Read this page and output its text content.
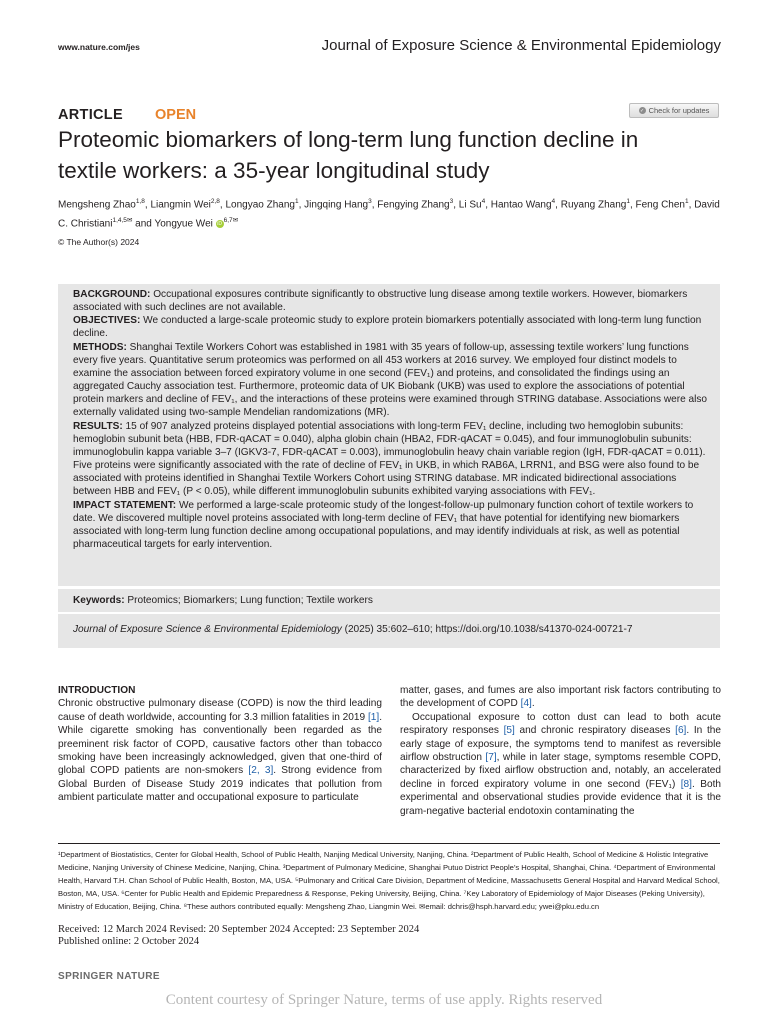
www.nature.com/jes	Journal of Exposure Science & Environmental Epidemiology
ARTICLE OPEN	✓ Check for updates
Proteomic biomarkers of long-term lung function decline in
textile workers: a 35-year longitudinal study
Mengsheng Zhao$^{1,8}$, Liangmin Wei$^{2,8}$, Longyao Zhang$^1$, Jingqing Hang$^3$, Fengying Zhang$^3$, Li Su$^4$, Hantao Wang$^4$, Ruyang Zhang$^1$, Feng Chen$^1$, David C. Christiani$^{1,4,5✉}$ and Yongyue Wei iD $^{6,7✉}$
© The Author(s) 2024

BACKGROUND: Occupational exposures contribute significantly to obstructive lung disease among textile workers. However, biomarkers associated with such declines are not available.

OBJECTIVES: We conducted a large-scale proteomic study to explore protein biomarkers potentially associated with long-term lung function decline.

METHODS: Shanghai Textile Workers Cohort was established in 1981 with 35 years of follow-up, assessing textile workers’ lung functions every five years. Quantitative serum proteomics was performed on all 453 workers at 2016 survey. We employed four distinct models to examine the association between forced expiratory volume in one second (FEV₁) and proteins, and consolidated the findings using an aggregated Cauchy association test. Furthermore, proteomic data of UK Biobank (UKB) was used to explore the associations of potential protein markers and decline of FEV₁, and the interactions of these proteins were examined through STRING database. Associations were also externally validated using two-sample Mendelian randomizations (MR).

RESULTS: 15 of 907 analyzed proteins displayed potential associations with long-term FEV₁ decline, including two hemoglobin subunits: hemoglobin subunit beta (HBB, FDR-qACAT = 0.040), alpha globin chain (HBA2, FDR-qACAT = 0.045), and four immunoglobulin subunits: immunoglobulin kappa variable 3–7 (IGKV3-7, FDR-qACAT = 0.003), immunoglobulin heavy chain variable region (IgH, FDR-qACAT = 0.011). Five proteins were significantly associated with the rate of decline of FEV₁ in UKB, in which RAB6A, LRRN1, and BSG were also found to be associated with proteins identified in Shanghai Textile Workers Cohort using STRING database. MR indicated bidirectional associations between HBB and FEV₁ (P < 0.05), while different immunoglobulin subunits exhibited varying associations with FEV₁.

IMPACT STATEMENT: We performed a large-scale proteomic study of the longest-follow-up pulmonary function cohort of textile workers to date. We discovered multiple novel proteins associated with long-term decline of FEV₁ that have potential for identifying new biomarkers associated with long-term lung function decline among occupational populations, and may identify individuals at risk, as well as potential pharmaceutical targets for early intervention.

Keywords: Proteomics; Biomarkers; Lung function; Textile workers
Journal of Exposure Science & Environmental Epidemiology (2025) 35:602–610; https://doi.org/10.1038/s41370-024-00721-7
INTRODUCTION

Chronic obstructive pulmonary disease (COPD) is now the third leading cause of death worldwide, accounting for 3.3 million fatalities in 2019 [1]. While cigarette smoking has conventionally been regarded as the preeminent risk factor of COPD, causative factors other than tobacco smoking have been increasingly acknowledged, given that one-third of global COPD patients are non-smokers [2, 3]. Strong evidence from Global Burden of Disease Study 2019 indicates that pollution from ambient particulate matter and occupational exposure to particulate

matter, gases, and fumes are also important risk factors contributing to the development of COPD [4].

Occupational exposure to cotton dust can lead to both acute respiratory responses [5] and chronic respiratory diseases [6]. In the early stage of exposure, the symptoms tend to manifest as reversible airflow obstruction [7], while in later stage, symptoms resemble COPD, characterized by fixed airflow obstruction and, notably, an accelerated decline in forced expiratory volume in one second (FEV₁) [8]. Both experimental and observational studies provide evidence that it is the gram-negative bacterial endotoxin contaminating the

¹Department of Biostatistics, Center for Global Health, School of Public Health, Nanjing Medical University, Nanjing, China. ²Department of Public Health, School of Medicine & Holistic Integrative Medicine, Nanjing University of Chinese Medicine, Nanjing, China. ³Department of Pulmonary Medicine, Shanghai Putuo District People’s Hospital, Shanghai, China. ⁴Department of Environmental Health, Harvard T.H. Chan School of Public Health, Boston, MA, USA. ⁵Pulmonary and Critical Care Division, Department of Medicine, Massachusetts General Hospital and Harvard Medical School, Boston, MA, USA. ⁶Center for Public Health and Epidemic Preparedness & Response, Peking University, Beijing, China. ⁷Key Laboratory of Epidemiology of Major Diseases (Peking University), Ministry of Education, Beijing, China. ⁸These authors contributed equally: Mengsheng Zhao, Liangmin Wei. ✉email: dchris@hsph.harvard.edu; ywei@pku.edu.cn
Received: 12 March 2024 Revised: 20 September 2024 Accepted: 23 September 2024
Published online: 2 October 2024
SPRINGER NATURE
Content courtesy of Springer Nature, terms of use apply. Rights reserved
